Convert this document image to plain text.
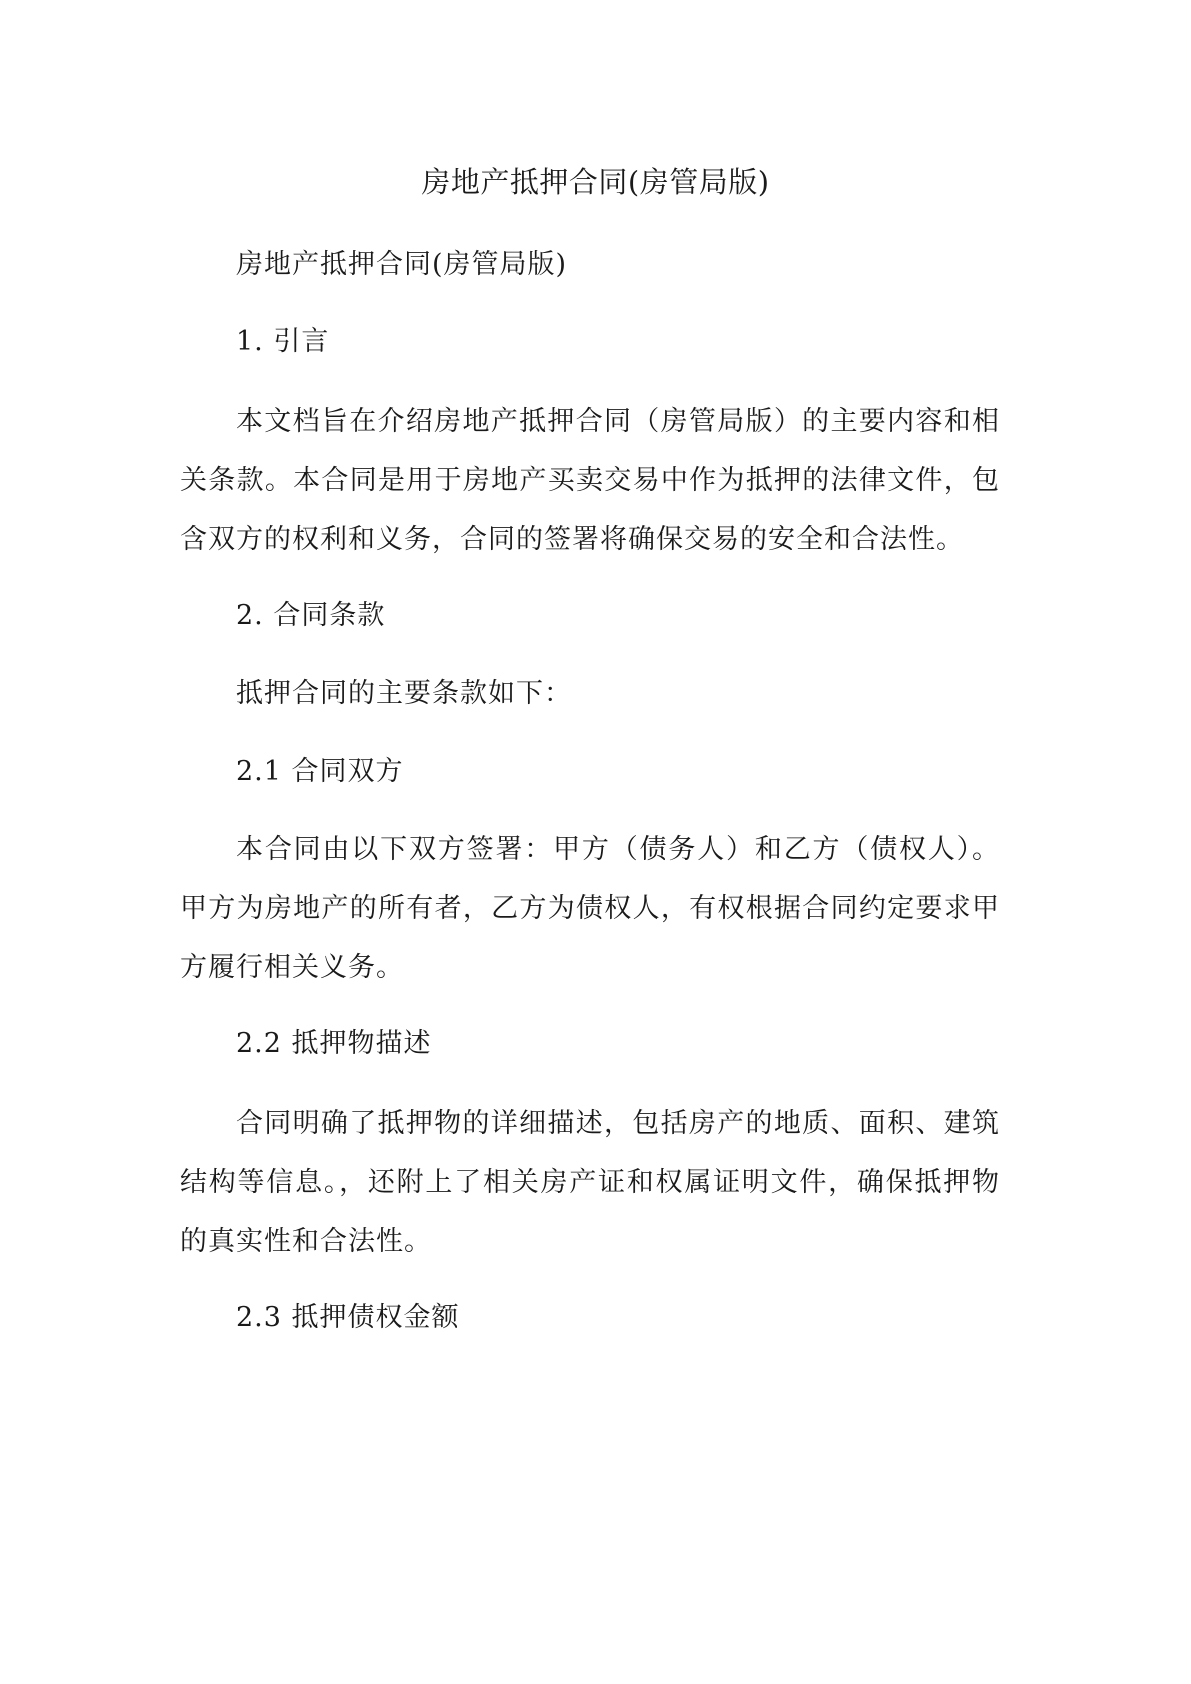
房地产抵押合同(房管局版)

房地产抵押合同(房管局版)

1. 引言

本文档旨在介绍房地产抵押合同（房管局版）的主要内容和相关条款。本合同是用于房地产买卖交易中作为抵押的法律文件，包含双方的权利和义务，合同的签署将确保交易的安全和合法性。

2. 合同条款

抵押合同的主要条款如下：

2.1 合同双方

本合同由以下双方签署：甲方（债务人）和乙方（债权人）。甲方为房地产的所有者，乙方为债权人，有权根据合同约定要求甲方履行相关义务。

2.2 抵押物描述

合同明确了抵押物的详细描述，包括房产的地质、面积、建筑结构等信息。，还附上了相关房产证和权属证明文件，确保抵押物的真实性和合法性。

2.3 抵押债权金额
